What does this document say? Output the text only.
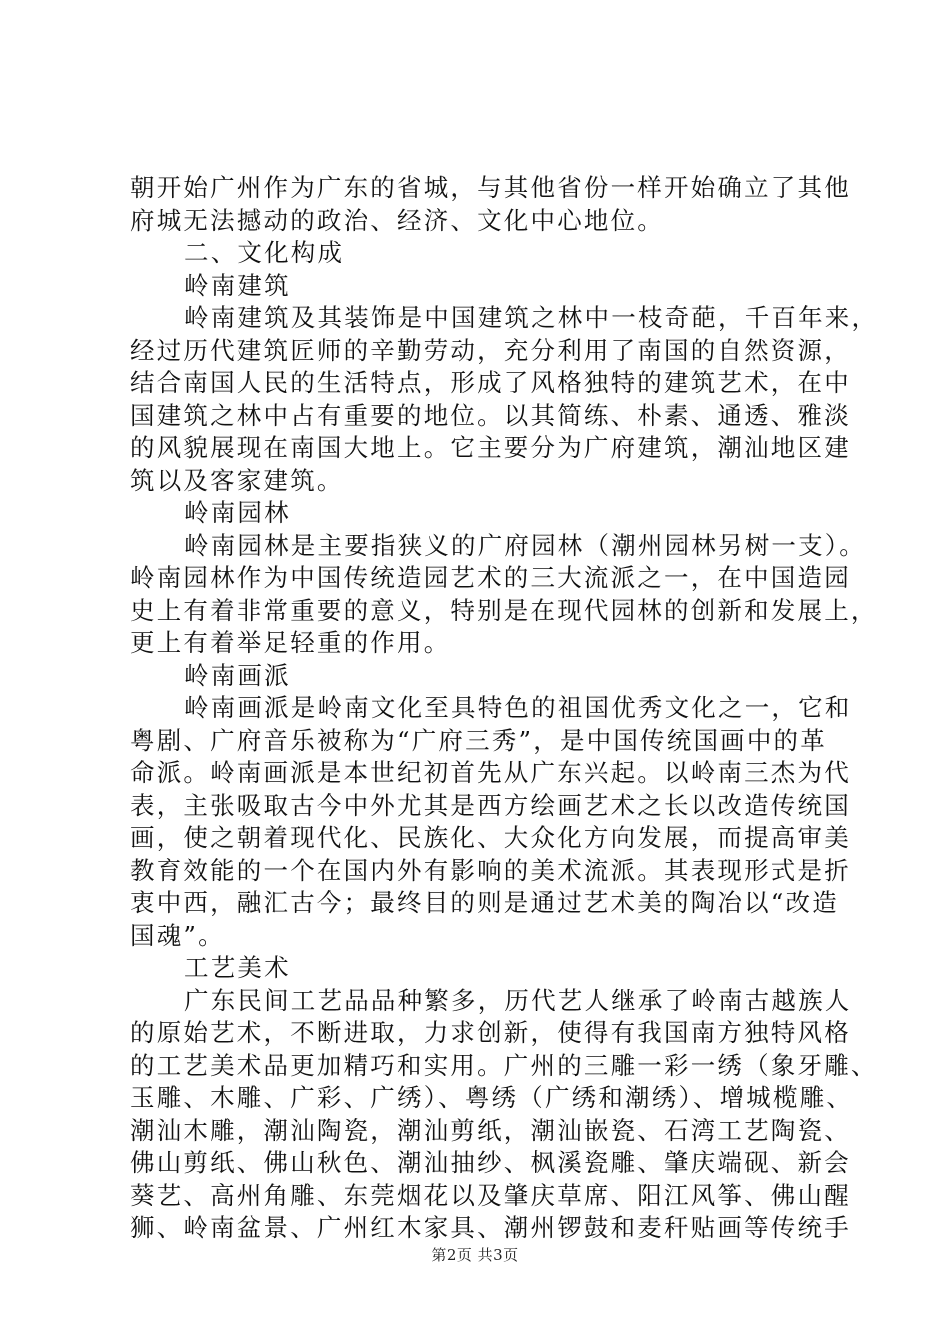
朝开始广州作为广东的省城，与其他省份一样开始确立了其他
府城无法撼动的政治、经济、文化中心地位。
二、文化构成
岭南建筑
岭南建筑及其装饰是中国建筑之林中一枝奇葩，千百年来，
经过历代建筑匠师的辛勤劳动，充分利用了南国的自然资源，
结合南国人民的生活特点，形成了风格独特的建筑艺术，在中
国建筑之林中占有重要的地位。以其简练、朴素、通透、雅淡
的风貌展现在南国大地上。它主要分为广府建筑，潮汕地区建
筑以及客家建筑。
岭南园林
岭南园林是主要指狭义的广府园林（潮州园林另树一支）。
岭南园林作为中国传统造园艺术的三大流派之一，在中国造园
史上有着非常重要的意义，特别是在现代园林的创新和发展上，
更上有着举足轻重的作用。
岭南画派
岭南画派是岭南文化至具特色的祖国优秀文化之一，它和
粤剧、广府音乐被称为“广府三秀”，是中国传统国画中的革
命派。岭南画派是本世纪初首先从广东兴起。以岭南三杰为代
表，主张吸取古今中外尤其是西方绘画艺术之长以改造传统国
画，使之朝着现代化、民族化、大众化方向发展，而提高审美
教育效能的一个在国内外有影响的美术流派。其表现形式是折
衷中西，融汇古今；最终目的则是通过艺术美的陶冶以“改造
国魂”。
工艺美术
广东民间工艺品品种繁多，历代艺人继承了岭南古越族人
的原始艺术，不断进取，力求创新，使得有我国南方独特风格
的工艺美术品更加精巧和实用。广州的三雕一彩一绣（象牙雕、
玉雕、木雕、广彩、广绣）、粤绣（广绣和潮绣）、增城榄雕、
潮汕木雕，潮汕陶瓷，潮汕剪纸，潮汕嵌瓷、石湾工艺陶瓷、
佛山剪纸、佛山秋色、潮汕抽纱、枫溪瓷雕、肇庆端砚、新会
葵艺、高州角雕、东莞烟花以及肇庆草席、阳江风筝、佛山醒
狮、岭南盆景、广州红木家具、潮州锣鼓和麦秆贴画等传统手
第2页 共3页
